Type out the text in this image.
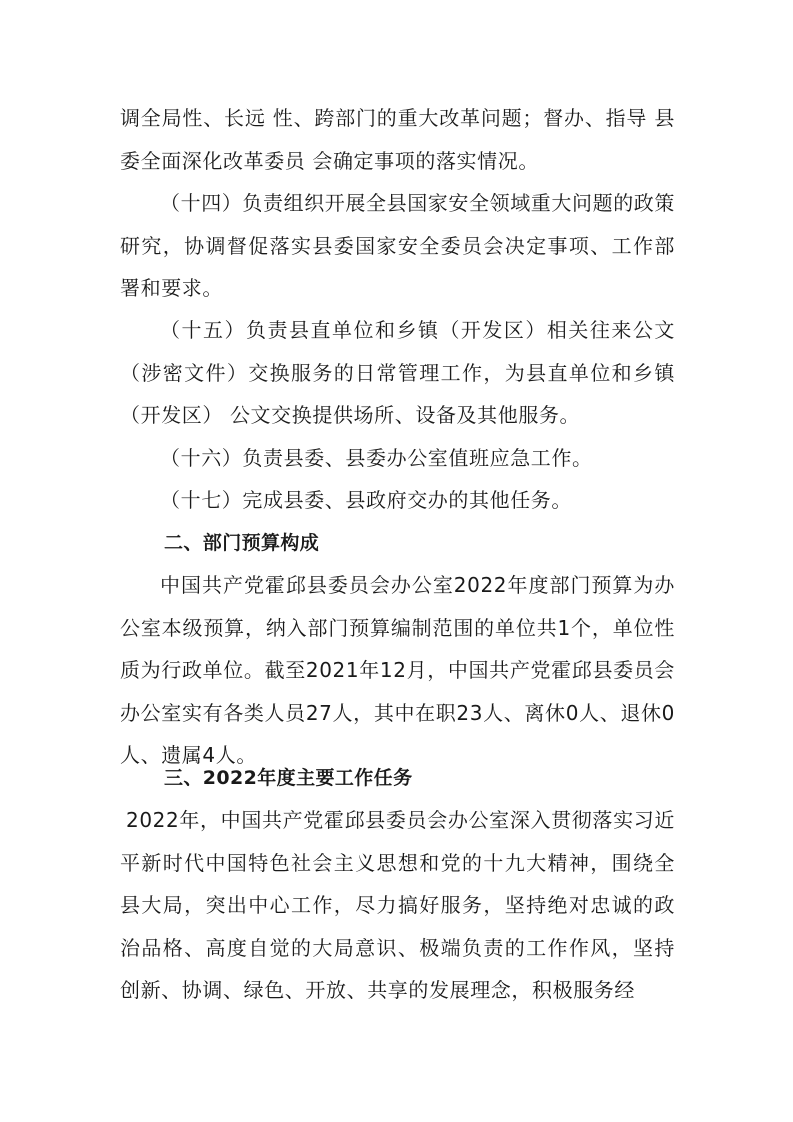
调全局性、长远 性、跨部门的重大改革问题；督办、指导 县委全面深化改革委员 会确定事项的落实情况。

（十四）负责组织开展全县国家安全领域重大问题的政策研究，协调督促落实县委国家安全委员会决定事项、工作部署和要求。

（十五）负责县直单位和乡镇（开发区）相关往来公文（涉密文件）交换服务的日常管理工作，为县直单位和乡镇（开发区） 公文交换提供场所、设备及其他服务。

（十六）负责县委、县委办公室值班应急工作。

（十七）完成县委、县政府交办的其他任务。

二、部门预算构成

中国共产党霍邱县委员会办公室2022年度部门预算为办公室本级预算，纳入部门预算编制范围的单位共1个，单位性质为行政单位。截至2021年12月，中国共产党霍邱县委员会办公室实有各类人员27人，其中在职23人、离休0人、退休0人、遗属4人。

三、2022年度主要工作任务

2022年，中国共产党霍邱县委员会办公室深入贯彻落实习近平新时代中国特色社会主义思想和党的十九大精神，围绕全县大局，突出中心工作，尽力搞好服务，坚持绝对忠诚的政治品格、高度自觉的大局意识、极端负责的工作作风，坚持创新、协调、绿色、开放、共享的发展理念，积极服务经
